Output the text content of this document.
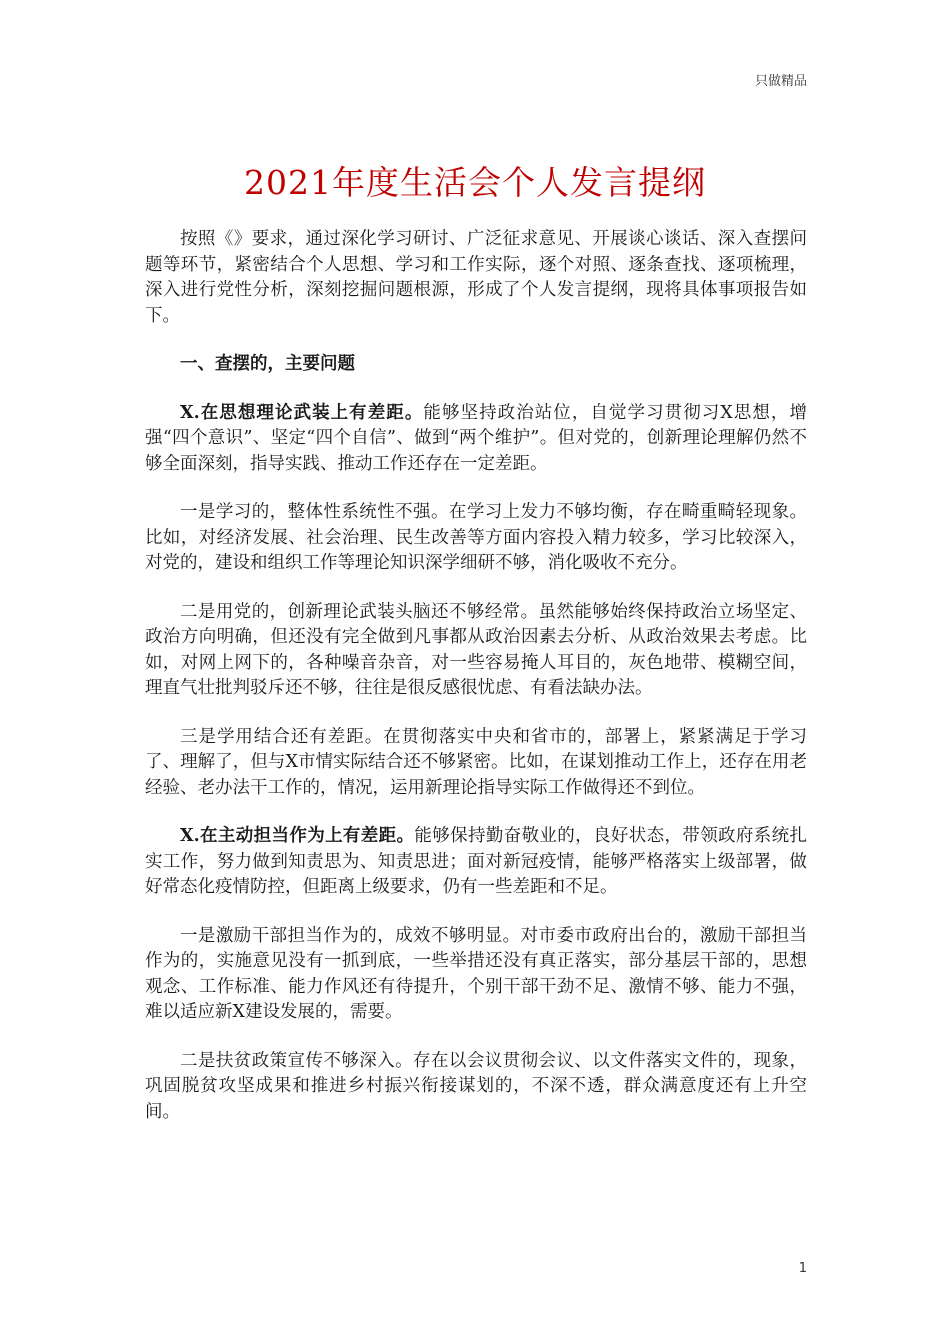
只做精品
2021年度生活会个人发言提纲

按照《》要求，通过深化学习研讨、广泛征求意见、开展谈心谈话、深入查摆问题等环节，紧密结合个人思想、学习和工作实际，逐个对照、逐条查找、逐项梳理，深入进行党性分析，深刻挖掘问题根源，形成了个人发言提纲，现将具体事项报告如下。

一、查摆的，主要问题

X.在思想理论武装上有差距。能够坚持政治站位，自觉学习贯彻习X思想，增强“四个意识”、坚定“四个自信”、做到“两个维护”。但对党的，创新理论理解仍然不够全面深刻，指导实践、推动工作还存在一定差距。

一是学习的，整体性系统性不强。在学习上发力不够均衡，存在畸重畸轻现象。比如，对经济发展、社会治理、民生改善等方面内容投入精力较多，学习比较深入，对党的，建设和组织工作等理论知识深学细研不够，消化吸收不充分。

二是用党的，创新理论武装头脑还不够经常。虽然能够始终保持政治立场坚定、政治方向明确，但还没有完全做到凡事都从政治因素去分析、从政治效果去考虑。比如，对网上网下的，各种噪音杂音，对一些容易掩人耳目的，灰色地带、模糊空间，理直气壮批判驳斥还不够，往往是很反感很忧虑、有看法缺办法。

三是学用结合还有差距。在贯彻落实中央和省市的，部署上，紧紧满足于学习了、理解了，但与X市情实际结合还不够紧密。比如，在谋划推动工作上，还存在用老经验、老办法干工作的，情况，运用新理论指导实际工作做得还不到位。

X.在主动担当作为上有差距。能够保持勤奋敬业的，良好状态，带领政府系统扎实工作，努力做到知责思为、知责思进；面对新冠疫情，能够严格落实上级部署，做好常态化疫情防控，但距离上级要求，仍有一些差距和不足。

一是激励干部担当作为的，成效不够明显。对市委市政府出台的，激励干部担当作为的，实施意见没有一抓到底，一些举措还没有真正落实，部分基层干部的，思想观念、工作标准、能力作风还有待提升，个别干部干劲不足、激情不够、能力不强，难以适应新X建设发展的，需要。

二是扶贫政策宣传不够深入。存在以会议贯彻会议、以文件落实文件的，现象，巩固脱贫攻坚成果和推进乡村振兴衔接谋划的，不深不透，群众满意度还有上升空间。

1
